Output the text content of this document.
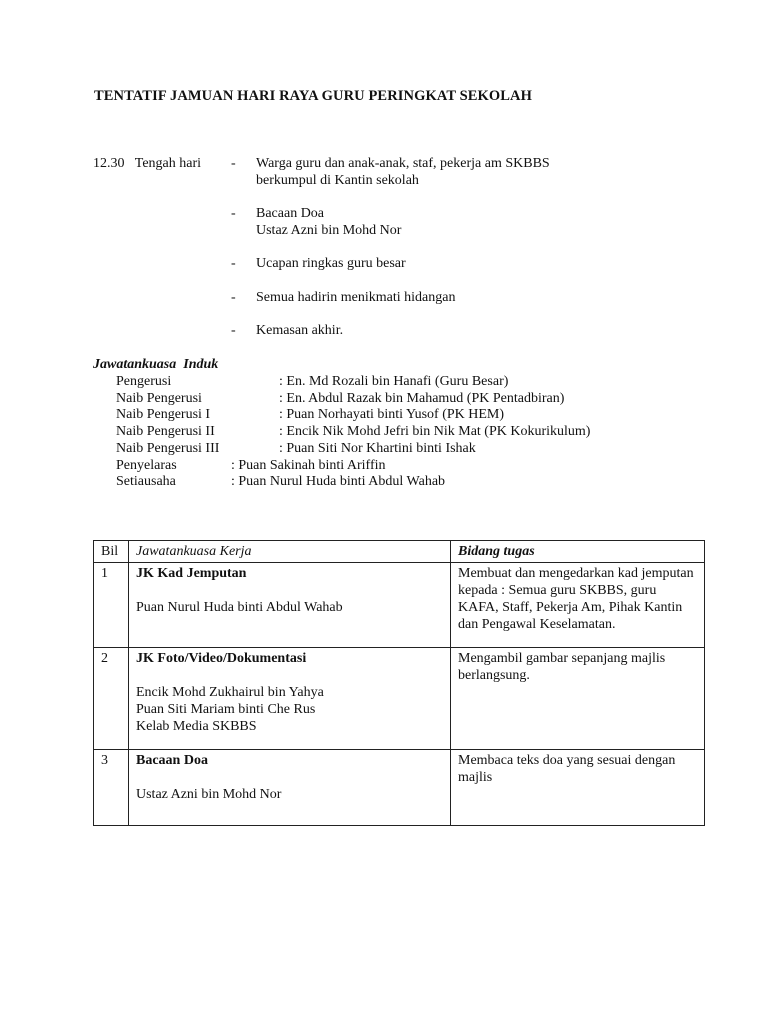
TENTATIF JAMUAN HARI RAYA GURU PERINGKAT SEKOLAH
12.30   Tengah hari - Warga guru dan anak-anak, staf, pekerja am SKBBS
berkumpul di Kantin sekolah
- Bacaan Doa
Ustaz Azni bin Mohd Nor
- Ucapan ringkas guru besar
- Semua hadirin menikmati hidangan
- Kemasan akhir.
Jawatankuasa  Induk
Pengerusi	: En. Md Rozali bin Hanafi (Guru Besar)
Naib Pengerusi	: En. Abdul Razak bin Mahamud (PK Pentadbiran)
Naib Pengerusi I	: Puan Norhayati binti Yusof (PK HEM)
Naib Pengerusi II	: Encik Nik Mohd Jefri bin Nik Mat (PK Kokurikulum)
Naib Pengerusi III	: Puan Siti Nor Khartini binti Ishak
Penyelaras	: Puan Sakinah binti Ariffin
Setiausaha	: Puan Nurul Huda binti Abdul Wahab
Bil	Jawatankuasa Kerja	Bidang tugas
1	JK Kad Jemputan
Puan Nurul Huda binti Abdul Wahab	Membuat dan mengedarkan kad jemputan kepada : Semua guru SKBBS, guru KAFA, Staff, Pekerja Am, Pihak Kantin dan Pengawal Keselamatan.
2	JK Foto/Video/Dokumentasi
Encik Mohd Zukhairul bin Yahya
Puan Siti Mariam binti Che Rus
Kelab Media SKBBS	Mengambil gambar sepanjang majlis berlangsung.
3	Bacaan Doa
Ustaz Azni bin Mohd Nor	Membaca teks doa yang sesuai dengan majlis
